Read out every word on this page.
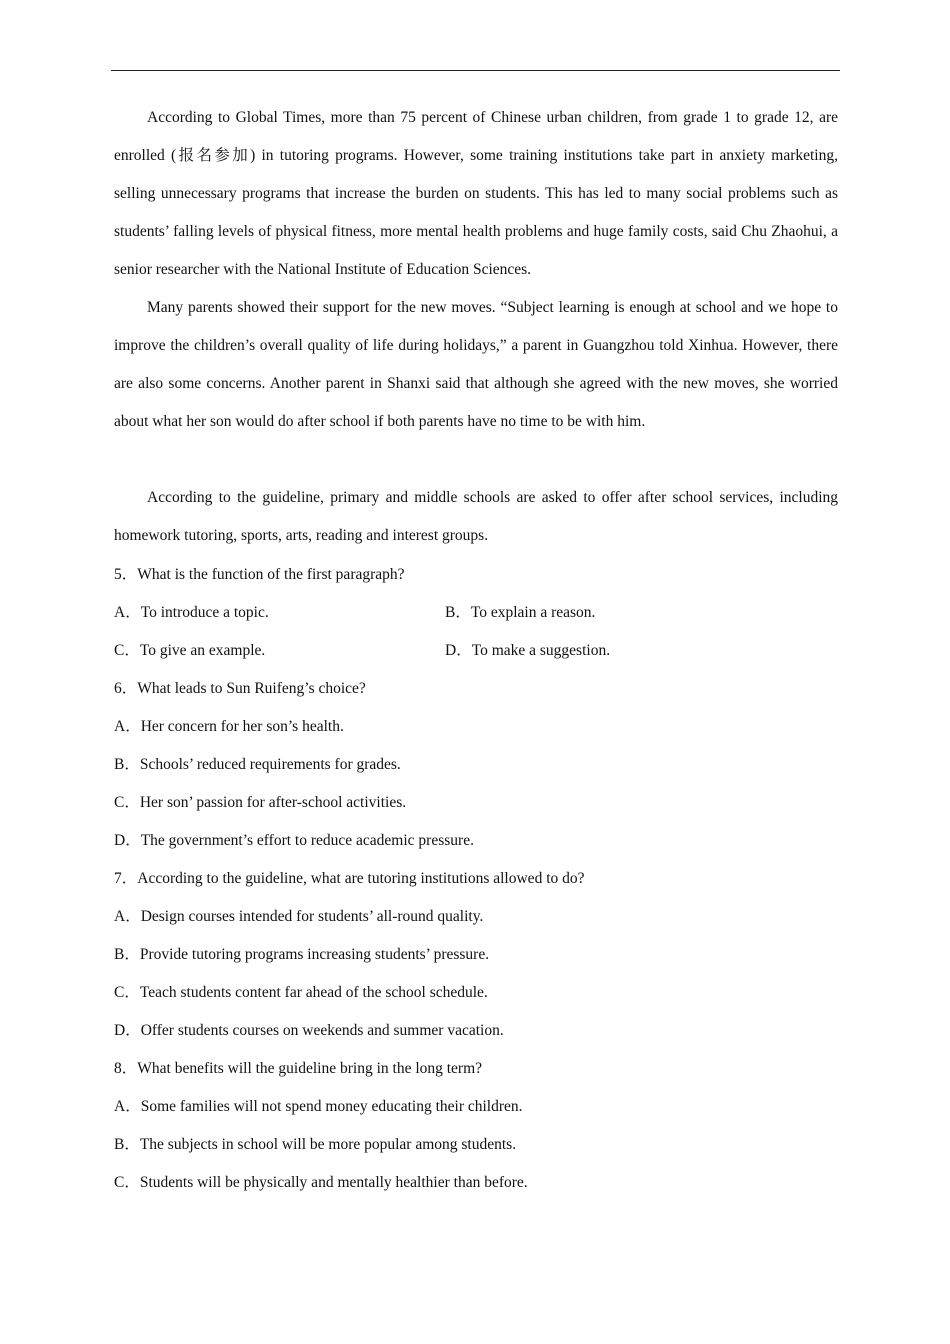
According to Global Times, more than 75 percent of Chinese urban children, from grade 1 to grade 12, are enrolled (报名参加) in tutoring programs. However, some training institutions take part in anxiety marketing, selling unnecessary programs that increase the burden on students. This has led to many social problems such as students’ falling levels of physical fitness, more mental health problems and huge family costs, said Chu Zhaohui, a senior researcher with the National Institute of Education Sciences.

Many parents showed their support for the new moves. “Subject learning is enough at school and we hope to improve the children’s overall quality of life during holidays,” a parent in Guangzhou told Xinhua. However, there are also some concerns. Another parent in Shanxi said that although she agreed with the new moves, she worried about what her son would do after school if both parents have no time to be with him.

According to the guideline, primary and middle schools are asked to offer after school services, including homework tutoring, sports, arts, reading and interest groups.

5．What is the function of the first paragraph?

A．To introduce a topic.	B．To explain a reason.

C．To give an example.	D．To make a suggestion.

6．What leads to Sun Ruifeng’s choice?

A．Her concern for her son’s health.

B．Schools’ reduced requirements for grades.

C．Her son’ passion for after-school activities.

D．The government’s effort to reduce academic pressure.

7．According to the guideline, what are tutoring institutions allowed to do?

A．Design courses intended for students’ all-round quality.

B．Provide tutoring programs increasing students’ pressure.

C．Teach students content far ahead of the school schedule.

D．Offer students courses on weekends and summer vacation.

8．What benefits will the guideline bring in the long term?

A．Some families will not spend money educating their children.

B．The subjects in school will be more popular among students.

C．Students will be physically and mentally healthier than before.
